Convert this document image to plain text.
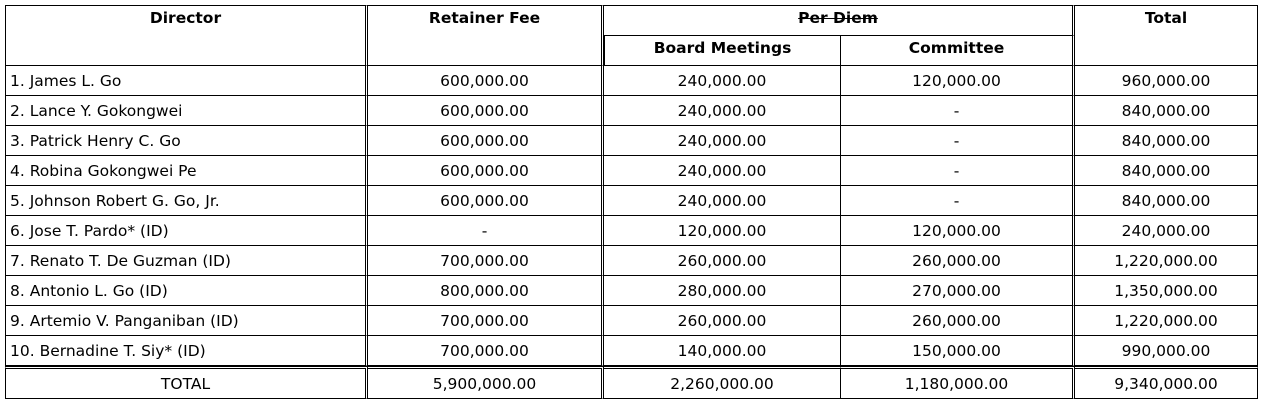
Director	Retainer Fee	Per Diem		Total
		Board Meetings	Committee	
1. James L. Go	600,000.00	240,000.00	120,000.00	960,000.00
2. Lance Y. Gokongwei	600,000.00	240,000.00	-	840,000.00
3. Patrick Henry C. Go	600,000.00	240,000.00	-	840,000.00
4. Robina Gokongwei Pe	600,000.00	240,000.00	-	840,000.00
5. Johnson Robert G. Go, Jr.	600,000.00	240,000.00	-	840,000.00
6. Jose T. Pardo* (ID)	-	120,000.00	120,000.00	240,000.00
7. Renato T. De Guzman (ID)	700,000.00	260,000.00	260,000.00	1,220,000.00
8. Antonio L. Go (ID)	800,000.00	280,000.00	270,000.00	1,350,000.00
9. Artemio V. Panganiban (ID)	700,000.00	260,000.00	260,000.00	1,220,000.00
10. Bernadine T. Siy* (ID)	700,000.00	140,000.00	150,000.00	990,000.00
TOTAL	5,900,000.00	2,260,000.00	1,180,000.00	9,340,000.00
